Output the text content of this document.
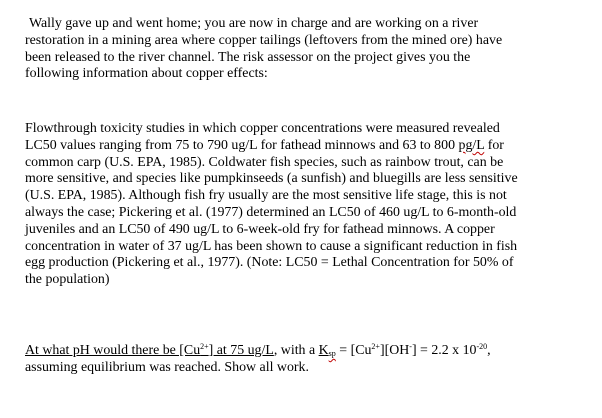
Wally gave up and went home; you are now in charge and are working on a river
restoration in a mining area where copper tailings (leftovers from the mined ore) have
been released to the river channel. The risk assessor on the project gives you the
following information about copper effects:
Flowthrough toxicity studies in which copper concentrations were measured revealed
LC50 values ranging from 75 to 790 ug/L for fathead minnows and 63 to 800 pg/L for
common carp (U.S. EPA, 1985). Coldwater fish species, such as rainbow trout, can be
more sensitive, and species like pumpkinseeds (a sunfish) and bluegills are less sensitive
(U.S. EPA, 1985). Although fish fry usually are the most sensitive life stage, this is not
always the case; Pickering et al. (1977) determined an LC50 of 460 ug/L to 6-month-old
juveniles and an LC50 of 490 ug/L to 6-week-old fry for fathead minnows. A copper
concentration in water of 37 ug/L has been shown to cause a significant reduction in fish
egg production (Pickering et al., 1977). (Note: LC50 = Lethal Concentration for 50% of
the population)
At what pH would there be $[Cu^{2+}]$ at 75 ug/L, with a $K_{sp} = [Cu^{2+}][OH^-] = 2.2$ x $10^{-20}$,
assuming equilibrium was reached. Show all work.
